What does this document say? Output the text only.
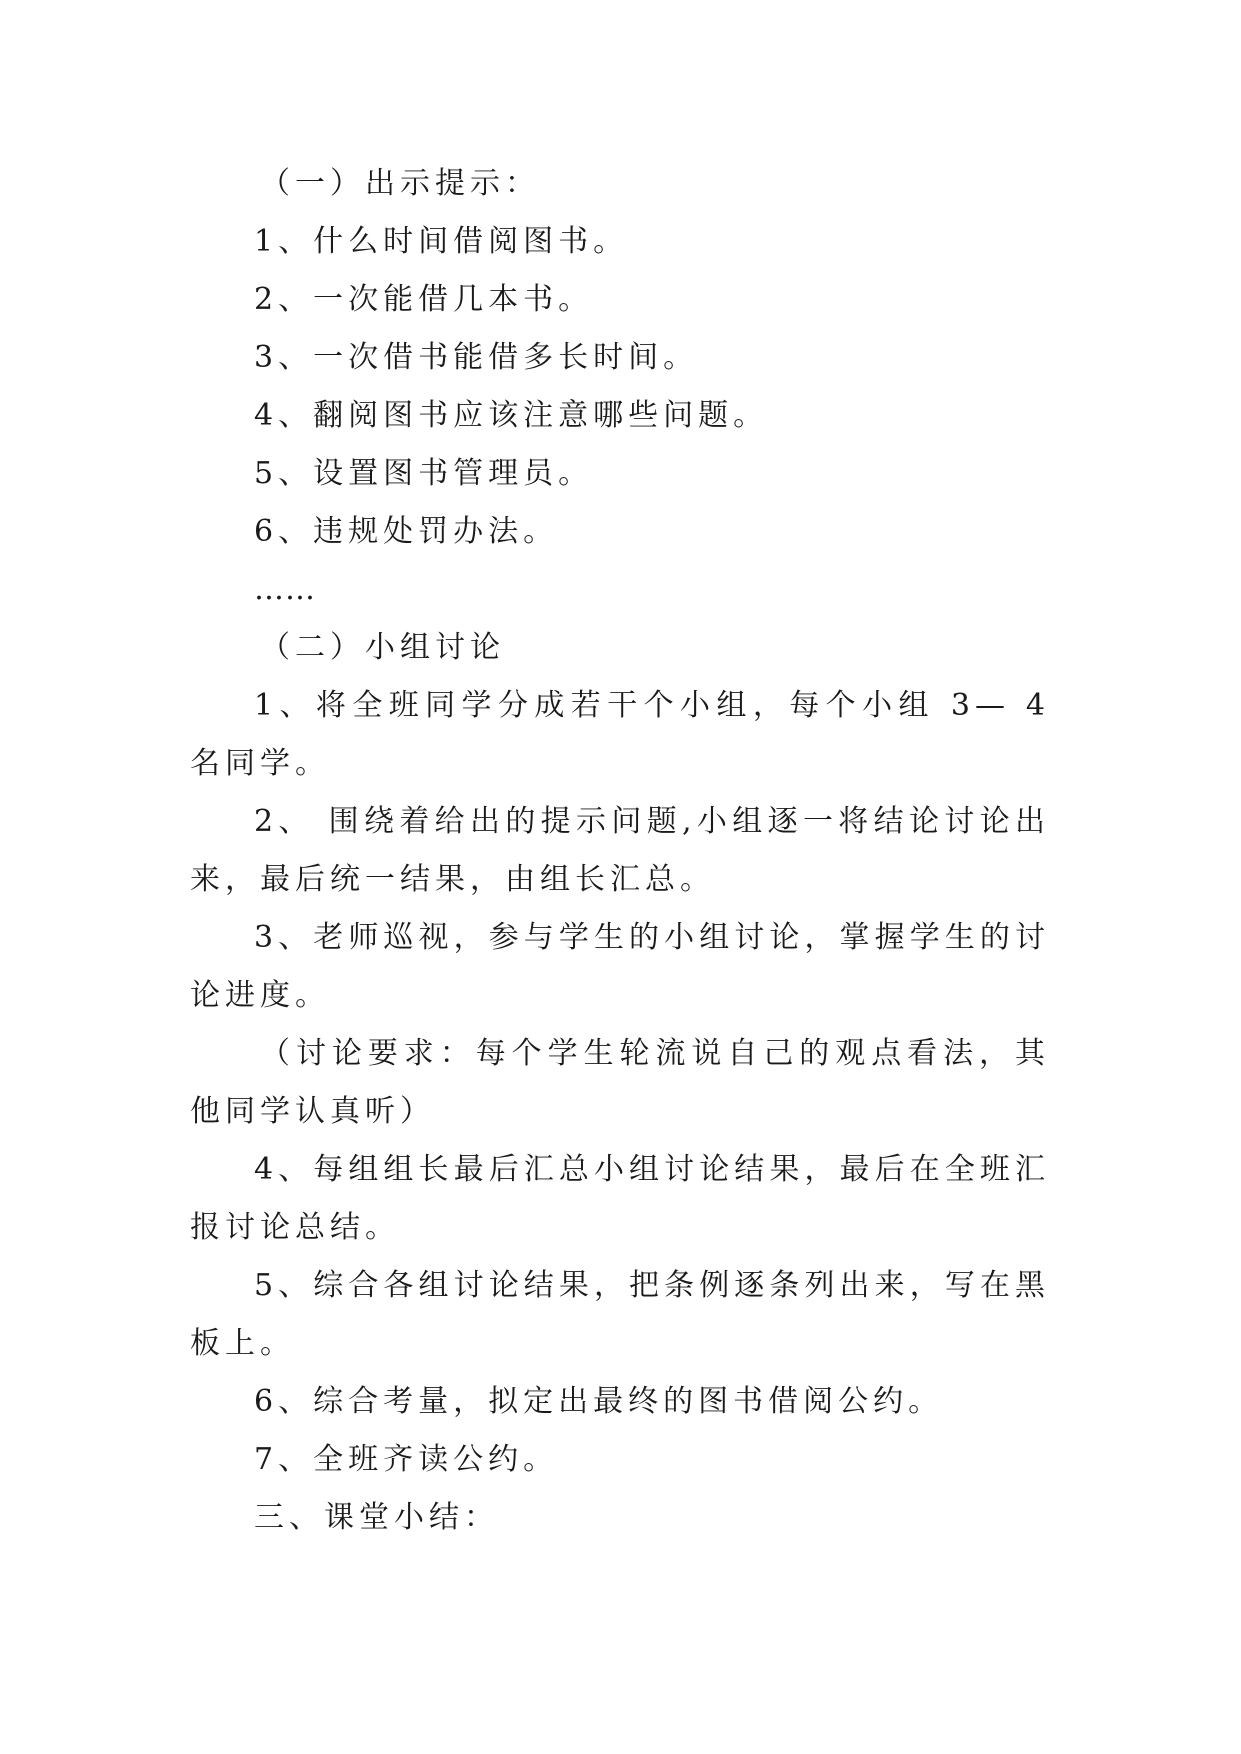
（一）出示提示：

1、什么时间借阅图书。

2、一次能借几本书。

3、一次借书能借多长时间。

4、翻阅图书应该注意哪些问题。

5、设置图书管理员。

6、违规处罚办法。

……

（二）小组讨论

1、将全班同学分成若干个小组，每个小组 3— 4 名同学。

2、 围绕着给出的提示问题,小组逐一将结论讨论出来，最后统一结果，由组长汇总。

3、老师巡视，参与学生的小组讨论，掌握学生的讨论进度。

（讨论要求：每个学生轮流说自己的观点看法，其他同学认真听）

4、每组组长最后汇总小组讨论结果，最后在全班汇报讨论总结。

5、综合各组讨论结果，把条例逐条列出来，写在黑板上。

6、综合考量，拟定出最终的图书借阅公约。

7、全班齐读公约。

三、课堂小结：
